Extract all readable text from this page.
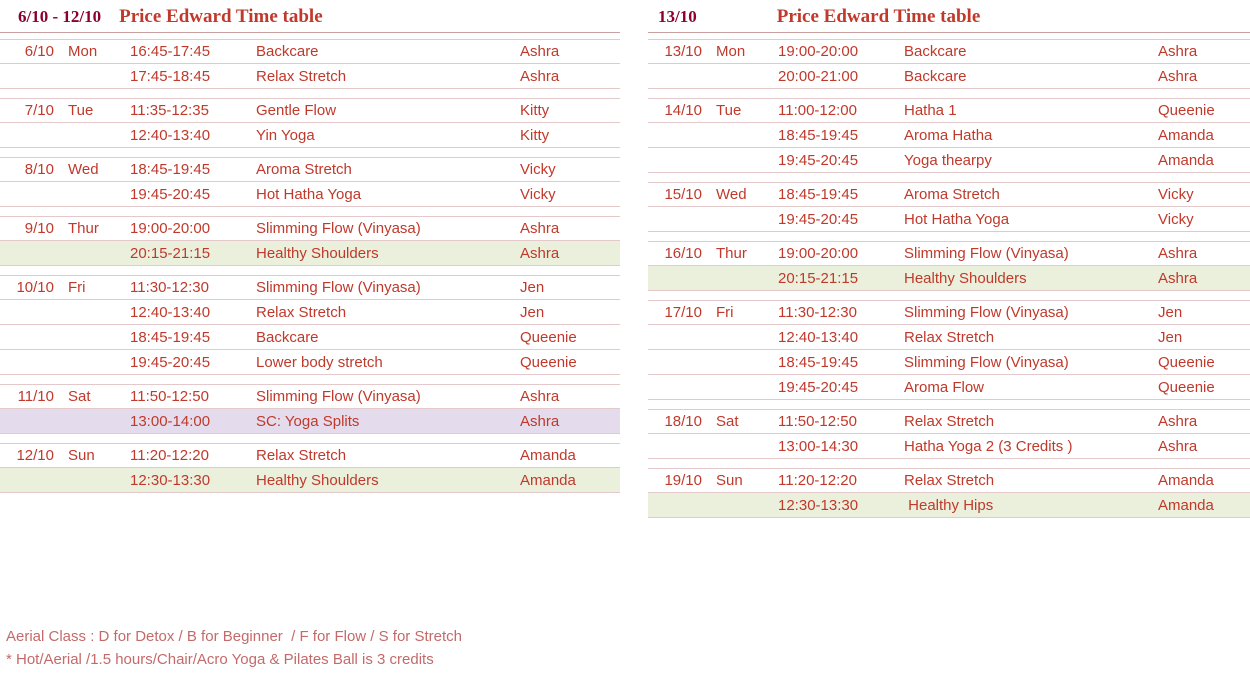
6/10 - 12/10 Price Edward Time table
6/10 Mon	16:45-17:45	Backcare	Ashra
17:45-18:45	Relax Stretch	Ashra
7/10 Tue	11:35-12:35	Gentle Flow	Kitty
12:40-13:40	Yin Yoga	Kitty
8/10 Wed	18:45-19:45	Aroma Stretch	Vicky
19:45-20:45	Hot Hatha Yoga	Vicky
9/10 Thur	19:00-20:00	Slimming Flow (Vinyasa)	Ashra
20:15-21:15	Healthy Shoulders	Ashra
10/10 Fri	11:30-12:30	Slimming Flow (Vinyasa)	Jen
12:40-13:40	Relax Stretch	Jen
18:45-19:45	Backcare	Queenie
19:45-20:45	Lower body stretch	Queenie
11/10 Sat	11:50-12:50	Slimming Flow (Vinyasa)	Ashra
13:00-14:00	SC: Yoga Splits	Ashra
12/10 Sun	11:20-12:20	Relax Stretch	Amanda
12:30-13:30	Healthy Shoulders	Amanda
13/10	Price Edward Time table
13/10 Mon	19:00-20:00	Backcare	Ashra
20:00-21:00	Backcare	Ashra
14/10 Tue	11:00-12:00	Hatha 1	Queenie
18:45-19:45	Aroma Hatha	Amanda
19:45-20:45	Yoga thearpy	Amanda
15/10 Wed	18:45-19:45	Aroma Stretch	Vicky
19:45-20:45	Hot Hatha Yoga	Vicky
16/10 Thur	19:00-20:00	Slimming Flow (Vinyasa)	Ashra
20:15-21:15	Healthy Shoulders	Ashra
17/10 Fri	11:30-12:30	Slimming Flow (Vinyasa)	Jen
12:40-13:40	Relax Stretch	Jen
18:45-19:45	Slimming Flow (Vinyasa)	Queenie
19:45-20:45	Aroma Flow	Queenie
18/10 Sat	11:50-12:50	Relax Stretch	Ashra
13:00-14:30	Hatha Yoga 2 (3 Credits )	Ashra
19/10 Sun	11:20-12:20	Relax Stretch	Amanda
12:30-13:30	Healthy Hips	Amanda
Aerial Class : D for Detox / B for Beginner  / F for Flow / S for Stretch
* Hot/Aerial /1.5 hours/Chair/Acro Yoga & Pilates Ball is 3 credits
